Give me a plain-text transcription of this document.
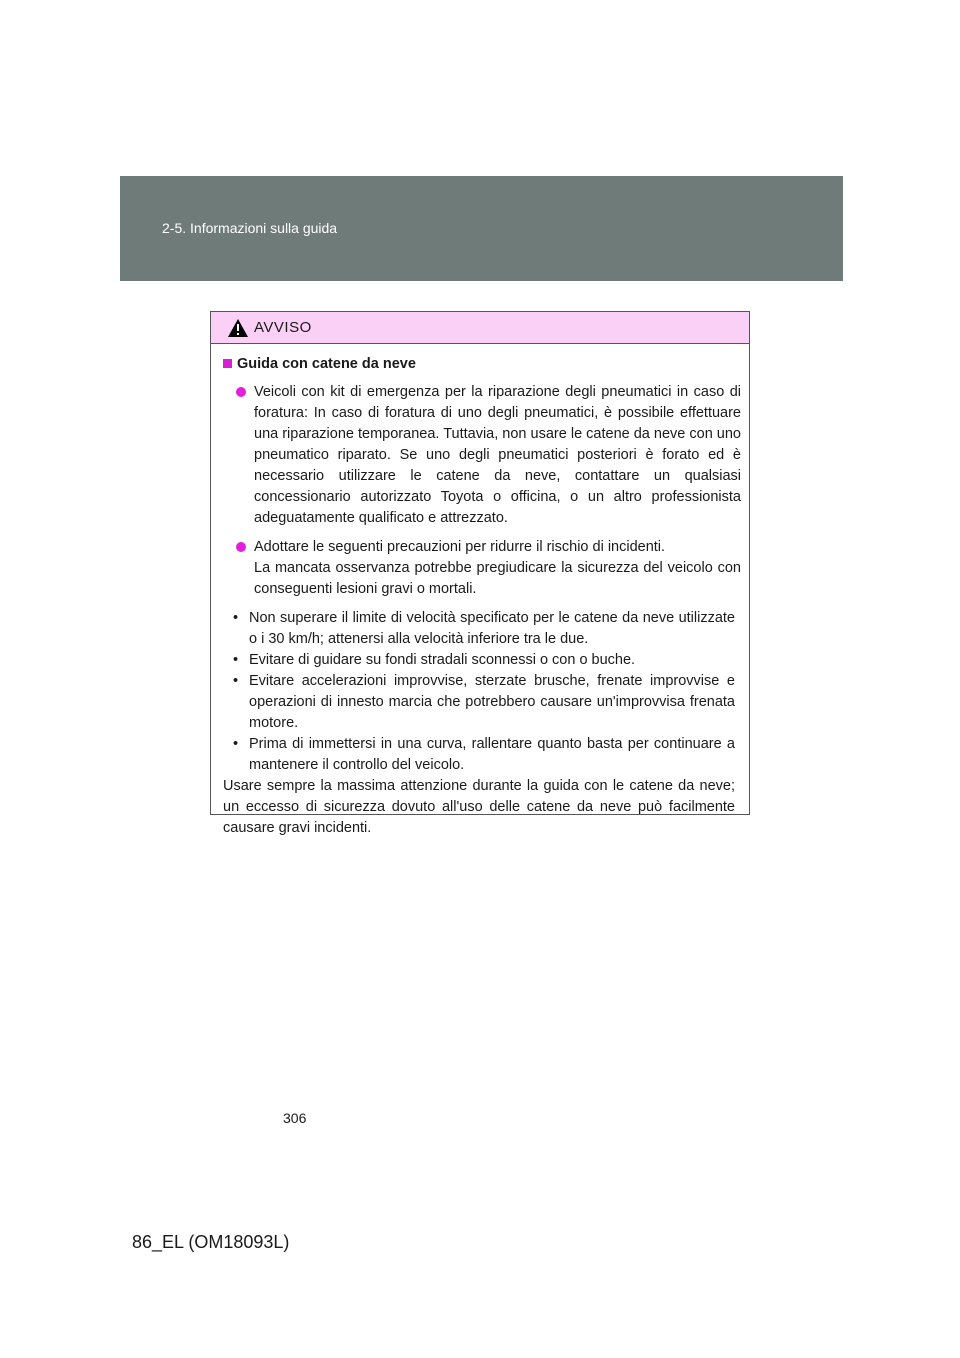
2-5. Informazioni sulla guida
AVVISO
Guida con catene da neve

Veicoli con kit di emergenza per la riparazione degli pneumatici in caso di foratura: In caso di foratura di uno degli pneumatici, è possibile effettuare una riparazione temporanea. Tuttavia, non usare le catene da neve con uno pneumatico riparato. Se uno degli pneumatici posteriori è forato ed è necessario utilizzare le catene da neve, contattare un qualsiasi concessionario autorizzato Toyota o officina, o un altro professionista adeguatamente qualificato e attrezzato.

Adottare le seguenti precauzioni per ridurre il rischio di incidenti.

La mancata osservanza potrebbe pregiudicare la sicurezza del veicolo con conseguenti lesioni gravi o mortali.

• Non superare il limite di velocità specificato per le catene da neve utilizzate o i 30 km/h; attenersi alla velocità inferiore tra le due.
• Evitare di guidare su fondi stradali sconnessi o con o buche.
• Evitare accelerazioni improvvise, sterzate brusche, frenate improvvise e operazioni di innesto marcia che potrebbero causare un'improvvisa frenata motore.
• Prima di immettersi in una curva, rallentare quanto basta per continuare a mantenere il controllo del veicolo.

Usare sempre la massima attenzione durante la guida con le catene da neve; un eccesso di sicurezza dovuto all'uso delle catene da neve può facilmente causare gravi incidenti.

306
86_EL (OM18093L)
